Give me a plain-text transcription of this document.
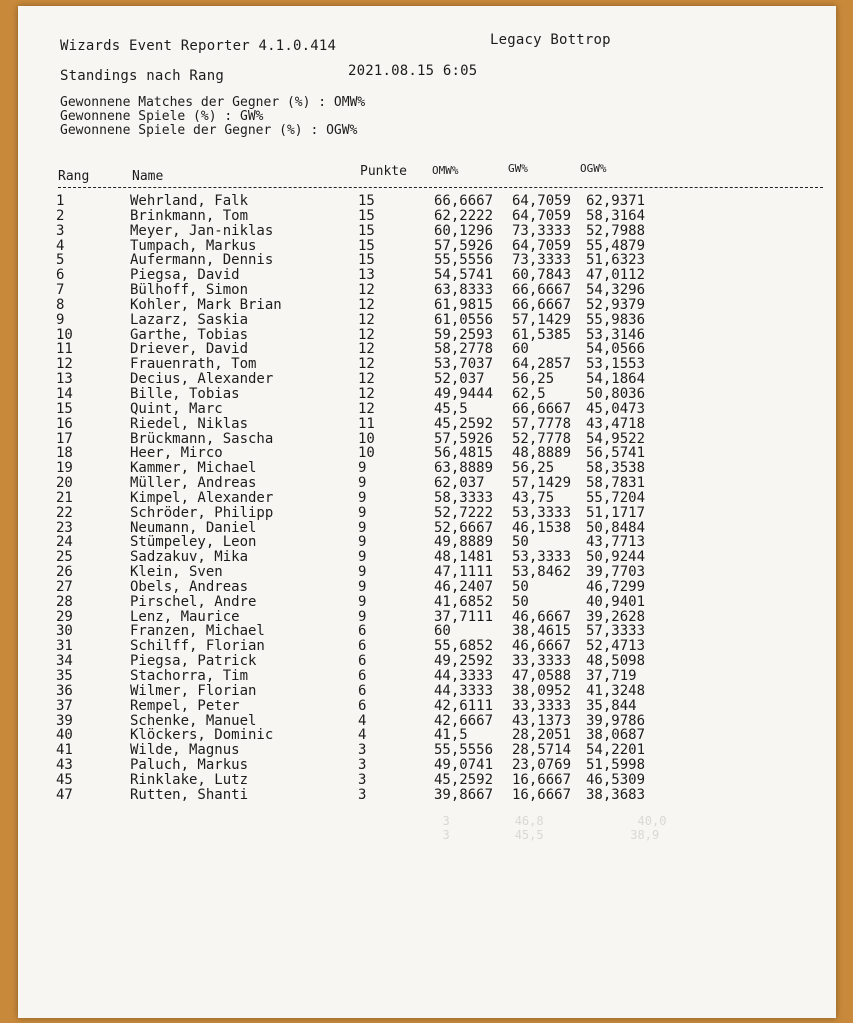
Wizards Event Reporter 4.1.0.414	Legacy Bottrop
Standings nach Rang	2021.08.15 6:05
Gewonnene Matches der Gegner (%) : OMW%
Gewonnene Spiele (%) : GW%
Gewonnene Spiele der Gegner (%) : OGW%
Rang	Name	Punkte OMW%	GW%	OGW%
1	Wehrland, Falk	15	66,6667 64,7059 62,9371
2	Brinkmann, Tom	15	62,2222 64,7059 58,3164
3	Meyer, Jan-niklas	15	60,1296 73,3333 52,7988
4	Tumpach, Markus	15	57,5926 64,7059 55,4879
5	Aufermann, Dennis	15	55,5556 73,3333 51,6323
6	Piegsa, David	13	54,5741 60,7843 47,0112
7	Bülhoff, Simon	12	63,8333 66,6667 54,3296
8	Kohler, Mark Brian	12	61,9815 66,6667 52,9379
9	Lazarz, Saskia	12	61,0556 57,1429 55,9836
10	Garthe, Tobias	12	59,2593 61,5385 53,3146
11	Driever, David	12	58,2778 60	54,0566
12	Frauenrath, Tom	12	53,7037 64,2857 53,1553
13	Decius, Alexander	12	52,037 56,25 54,1864
14	Bille, Tobias	12	49,9444 62,5	50,8036
15	Quint, Marc	12	45,5	66,6667 45,0473
16	Riedel, Niklas	11	45,2592 57,7778 43,4718
17	Brückmann, Sascha	10	57,5926 52,7778 54,9522
18	Heer, Mirco	10	56,4815 48,8889 56,5741
19	Kammer, Michael	9	63,8889 56,25 58,3538
20	Müller, Andreas	9	62,037 57,1429 58,7831
21	Kimpel, Alexander	9	58,3333 43,75 55,7204
22	Schröder, Philipp	9	52,7222 53,3333 51,1717
23	Neumann, Daniel	9	52,6667 46,1538 50,8484
24	Stümpeley, Leon	9	49,8889 50	43,7713
25	Sadzakuv, Mika	9	48,1481 53,3333 50,9244
26	Klein, Sven	9	47,1111 53,8462 39,7703
27	Obels, Andreas	9	46,2407 50	46,7299
28	Pirschel, Andre	9	41,6852 50	40,9401
29	Lenz, Maurice	9	37,7111 46,6667 39,2628
30	Franzen, Michael	6	60	38,4615 57,3333
31	Schilff, Florian	6	55,6852 46,6667 52,4713
34	Piegsa, Patrick	6	49,2592 33,3333 48,5098
35	Stachorra, Tim	6	44,3333 47,0588 37,719
36	Wilmer, Florian	6	44,3333 38,0952 41,3248
37	Rempel, Peter	6	42,6111 33,3333 35,844
39	Schenke, Manuel	4	42,6667 43,1373 39,9786
40	Klöckers, Dominic	4	41,5	28,2051 38,0687
41	Wilde, Magnus	3	55,5556 28,5714 54,2201
43	Paluch, Markus	3	49,0741 23,0769 51,5998
45	Rinklake, Lutz	3	45,2592 16,6667 46,5309
47	Rutten, Shanti	3	39,8667 16,6667 38,3683
3         46,8             40,0
3         45,5            38,9
